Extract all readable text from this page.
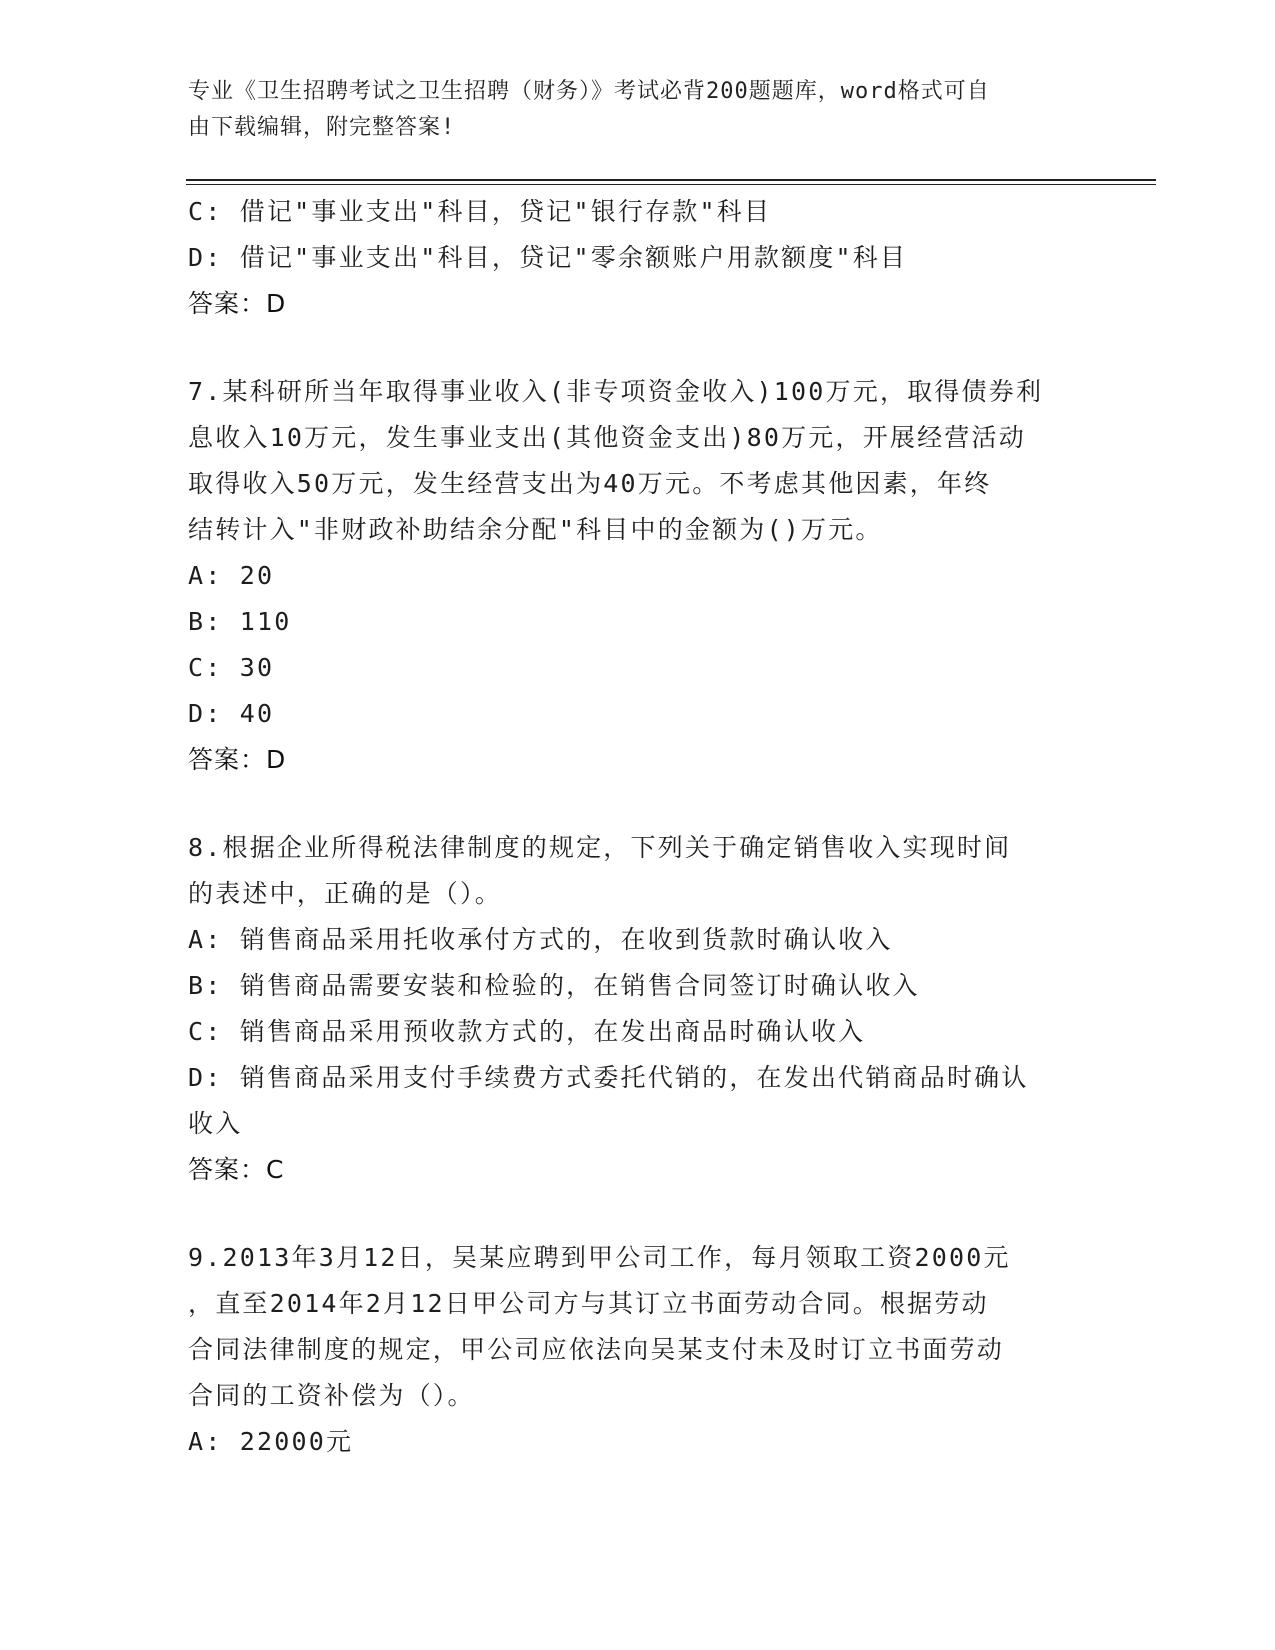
专业《卫生招聘考试之卫生招聘（财务）》考试必背200题题库，word格式可自
由下载编辑，附完整答案!
C: 借记"事业支出"科目，贷记"银行存款"科目
D: 借记"事业支出"科目，贷记"零余额账户用款额度"科目
答案：D
7.某科研所当年取得事业收入(非专项资金收入)100万元，取得债券利
息收入10万元，发生事业支出(其他资金支出)80万元，开展经营活动
取得收入50万元，发生经营支出为40万元。不考虑其他因素，年终
结转计入"非财政补助结余分配"科目中的金额为()万元。
A: 20
B: 110
C: 30
D: 40
答案：D
8.根据企业所得税法律制度的规定，下列关于确定销售收入实现时间
的表述中，正确的是（）。
A: 销售商品采用托收承付方式的，在收到货款时确认收入
B: 销售商品需要安装和检验的，在销售合同签订时确认收入
C: 销售商品采用预收款方式的，在发出商品时确认收入
D: 销售商品采用支付手续费方式委托代销的，在发出代销商品时确认
收入
答案：C
9.2013年3月12日，吴某应聘到甲公司工作，每月领取工资2000元
，直至2014年2月12日甲公司方与其订立书面劳动合同。根据劳动
合同法律制度的规定，甲公司应依法向吴某支付未及时订立书面劳动
合同的工资补偿为（）。
A: 22000元
